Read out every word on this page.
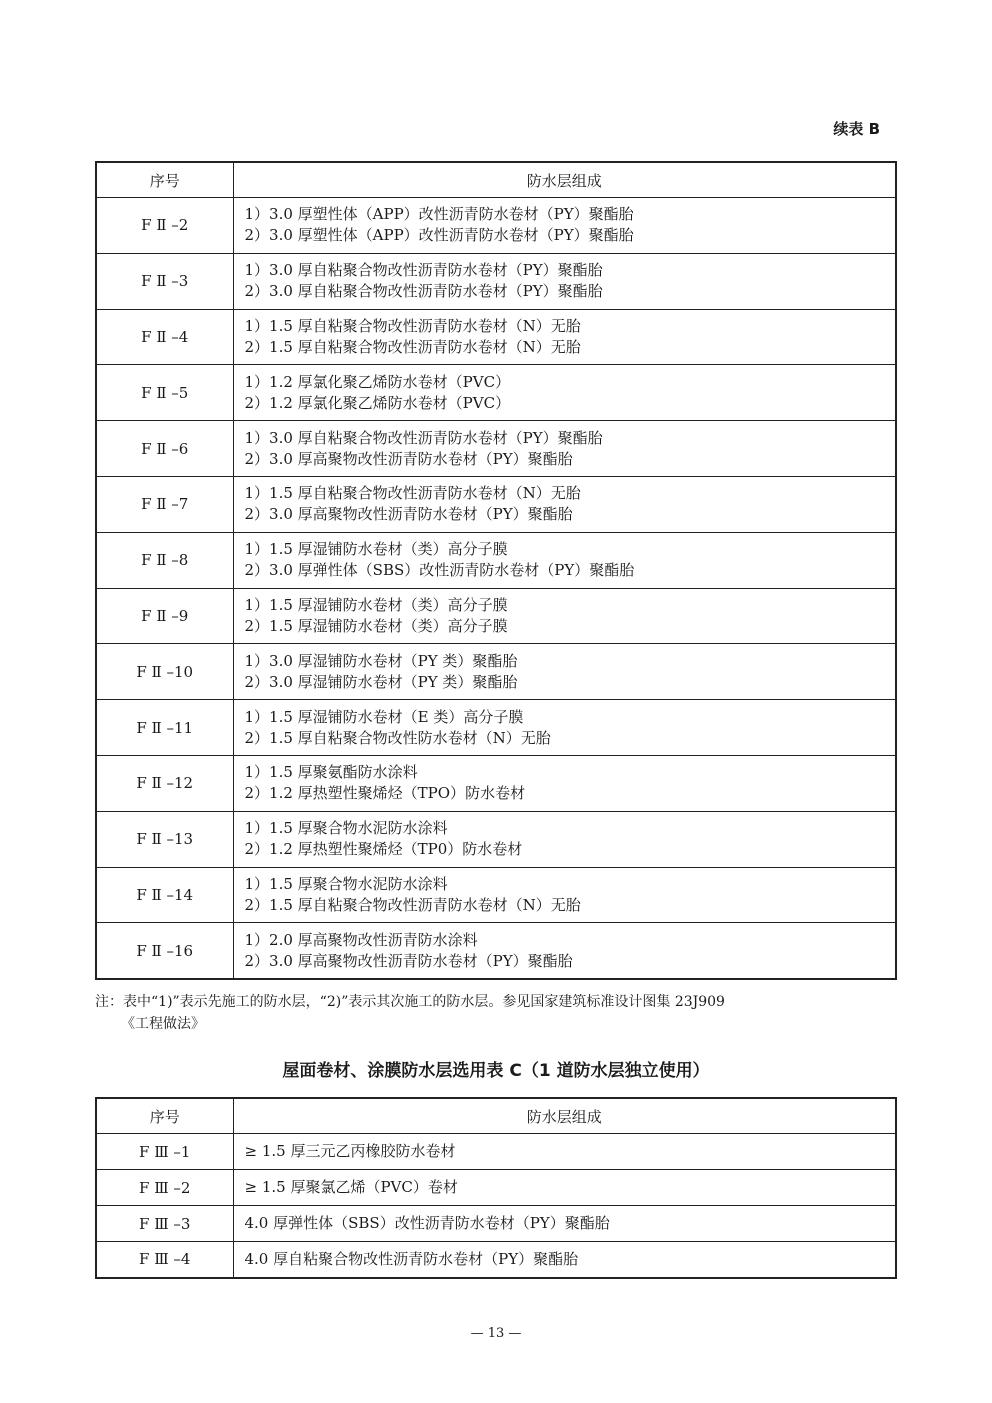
续表 B
序号	防水层组成
F Ⅱ –2	1）3.0 厚塑性体（APP）改性沥青防水卷材（PY）聚酯胎
2）3.0 厚塑性体（APP）改性沥青防水卷材（PY）聚酯胎

F Ⅱ –3	1）3.0 厚自粘聚合物改性沥青防水卷材（PY）聚酯胎
2）3.0 厚自粘聚合物改性沥青防水卷材（PY）聚酯胎

F Ⅱ –4	1）1.5 厚自粘聚合物改性沥青防水卷材（N）无胎
2）1.5 厚自粘聚合物改性沥青防水卷材（N）无胎

F Ⅱ –5	1）1.2 厚氯化聚乙烯防水卷材（PVC）
2）1.2 厚氯化聚乙烯防水卷材（PVC）

F Ⅱ –6	1）3.0 厚自粘聚合物改性沥青防水卷材（PY）聚酯胎
2）3.0 厚高聚物改性沥青防水卷材（PY）聚酯胎

F Ⅱ –7	1）1.5 厚自粘聚合物改性沥青防水卷材（N）无胎
2）3.0 厚高聚物改性沥青防水卷材（PY）聚酯胎

F Ⅱ –8	1）1.5 厚湿铺防水卷材（类）高分子膜
2）3.0 厚弹性体（SBS）改性沥青防水卷材（PY）聚酯胎

F Ⅱ –9	1）1.5 厚湿铺防水卷材（类）高分子膜
2）1.5 厚湿铺防水卷材（类）高分子膜

F Ⅱ –10	1）3.0 厚湿铺防水卷材（PY 类）聚酯胎
2）3.0 厚湿铺防水卷材（PY 类）聚酯胎

F Ⅱ –11	1）1.5 厚湿铺防水卷材（E 类）高分子膜
2）1.5 厚自粘聚合物改性防水卷材（N）无胎

F Ⅱ –12	1）1.5 厚聚氨酯防水涂料
2）1.2 厚热塑性聚烯烃（TPO）防水卷材

F Ⅱ –13	1）1.5 厚聚合物水泥防水涂料
2）1.2 厚热塑性聚烯烃（TP0）防水卷材

F Ⅱ –14	1）1.5 厚聚合物水泥防水涂料
2）1.5 厚自粘聚合物改性沥青防水卷材（N）无胎

F Ⅱ –16	1）2.0 厚高聚物改性沥青防水涂料
2）3.0 厚高聚物改性沥青防水卷材（PY）聚酯胎
注：表中“1)”表示先施工的防水层，“2)”表示其次施工的防水层。参见国家建筑标准设计图集 23J909
《工程做法》
屋面卷材、涂膜防水层选用表 C（1 道防水层独立使用）
序号	防水层组成
F Ⅲ –1	≥ 1.5 厚三元乙丙橡胶防水卷材
F Ⅲ –2	≥ 1.5 厚聚氯乙烯（PVC）卷材
F Ⅲ –3	4.0 厚弹性体（SBS）改性沥青防水卷材（PY）聚酯胎
F Ⅲ –4	4.0 厚自粘聚合物改性沥青防水卷材（PY）聚酯胎
— 13 —
